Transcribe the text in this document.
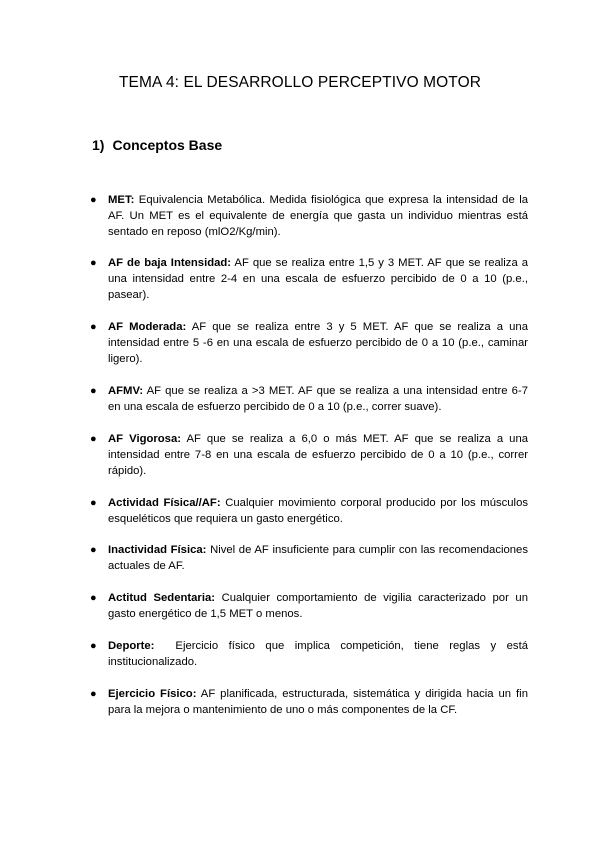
TEMA 4: EL DESARROLLO PERCEPTIVO MOTOR
1) Conceptos Base
● MET: Equivalencia Metabólica. Medida fisiológica que expresa la intensidad de la AF. Un MET es el equivalente de energía que gasta un individuo mientras está sentado en reposo (mlO2/Kg/min).

● AF de baja Intensidad: AF que se realiza entre 1,5 y 3 MET. AF que se realiza a una intensidad entre 2-4 en una escala de esfuerzo percibido de 0 a 10 (p.e., pasear).

● AF Moderada: AF que se realiza entre 3 y 5 MET. AF que se realiza a una intensidad entre 5 -6 en una escala de esfuerzo percibido de 0 a 10 (p.e., caminar ligero).

● AFMV: AF que se realiza a >3 MET. AF que se realiza a una intensidad entre 6-7 en una escala de esfuerzo percibido de 0 a 10 (p.e., correr suave).

● AF Vigorosa: AF que se realiza a 6,0 o más MET. AF que se realiza a una intensidad entre 7-8 en una escala de esfuerzo percibido de 0 a 10 (p.e., correr rápido).

● Actividad Física//AF: Cualquier movimiento corporal producido por los músculos esqueléticos que requiera un gasto energético.

● Inactividad Física: Nivel de AF insuficiente para cumplir con las recomendaciones actuales de AF.

● Actitud Sedentaria: Cualquier comportamiento de vigilia caracterizado por un gasto energético de 1,5 MET o menos.

● Deporte:  Ejercicio físico que implica competición, tiene reglas y está institucionalizado.

● Ejercicio Físico: AF planificada, estructurada, sistemática y dirigida hacia un fin para la mejora o mantenimiento de uno o más componentes de la CF.
